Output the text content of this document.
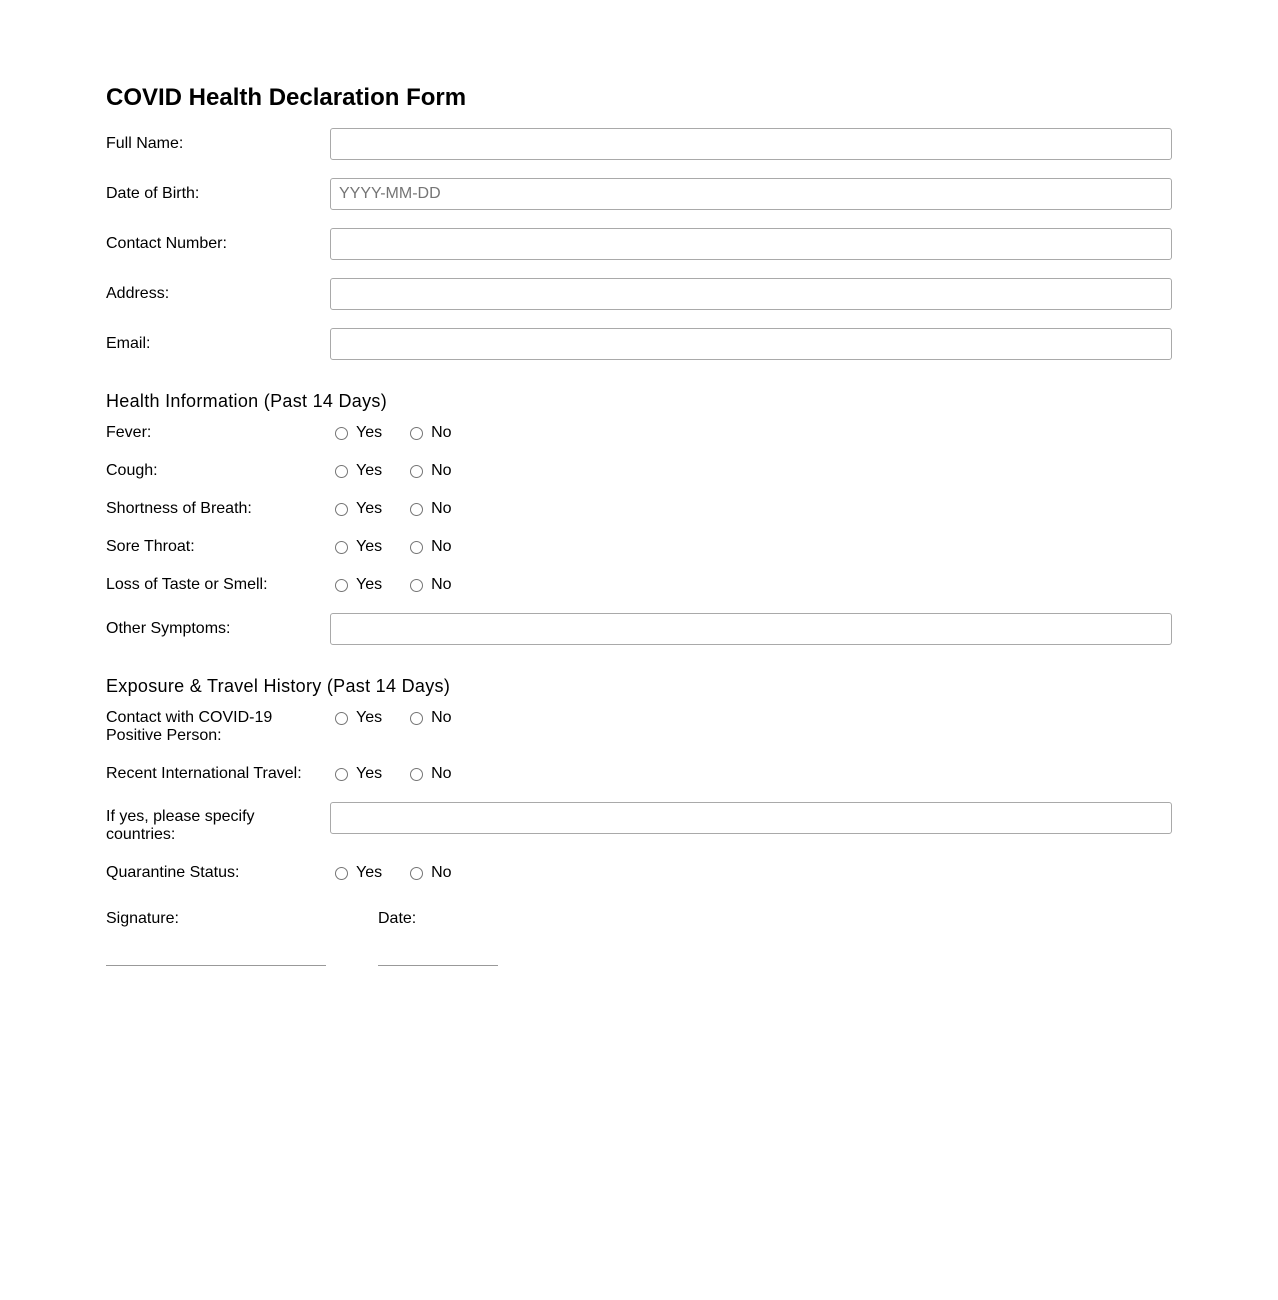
COVID Health Declaration Form
Full Name:
Date of Birth:
YYYY-MM-DD
Contact Number:
Address:
Email:
Health Information (Past 14 Days)
Fever:	Yes	No
Cough:	Yes	No
Shortness of Breath:	Yes	No
Sore Throat:	Yes	No
Loss of Taste or Smell:	Yes	No
Other Symptoms:
Exposure & Travel History (Past 14 Days)
Contact with COVID-19
Positive Person:
Yes	No
Recent International Travel:	Yes	No
If yes, please specify
countries:
Quarantine Status:	Yes	No
Signature:	Date:
